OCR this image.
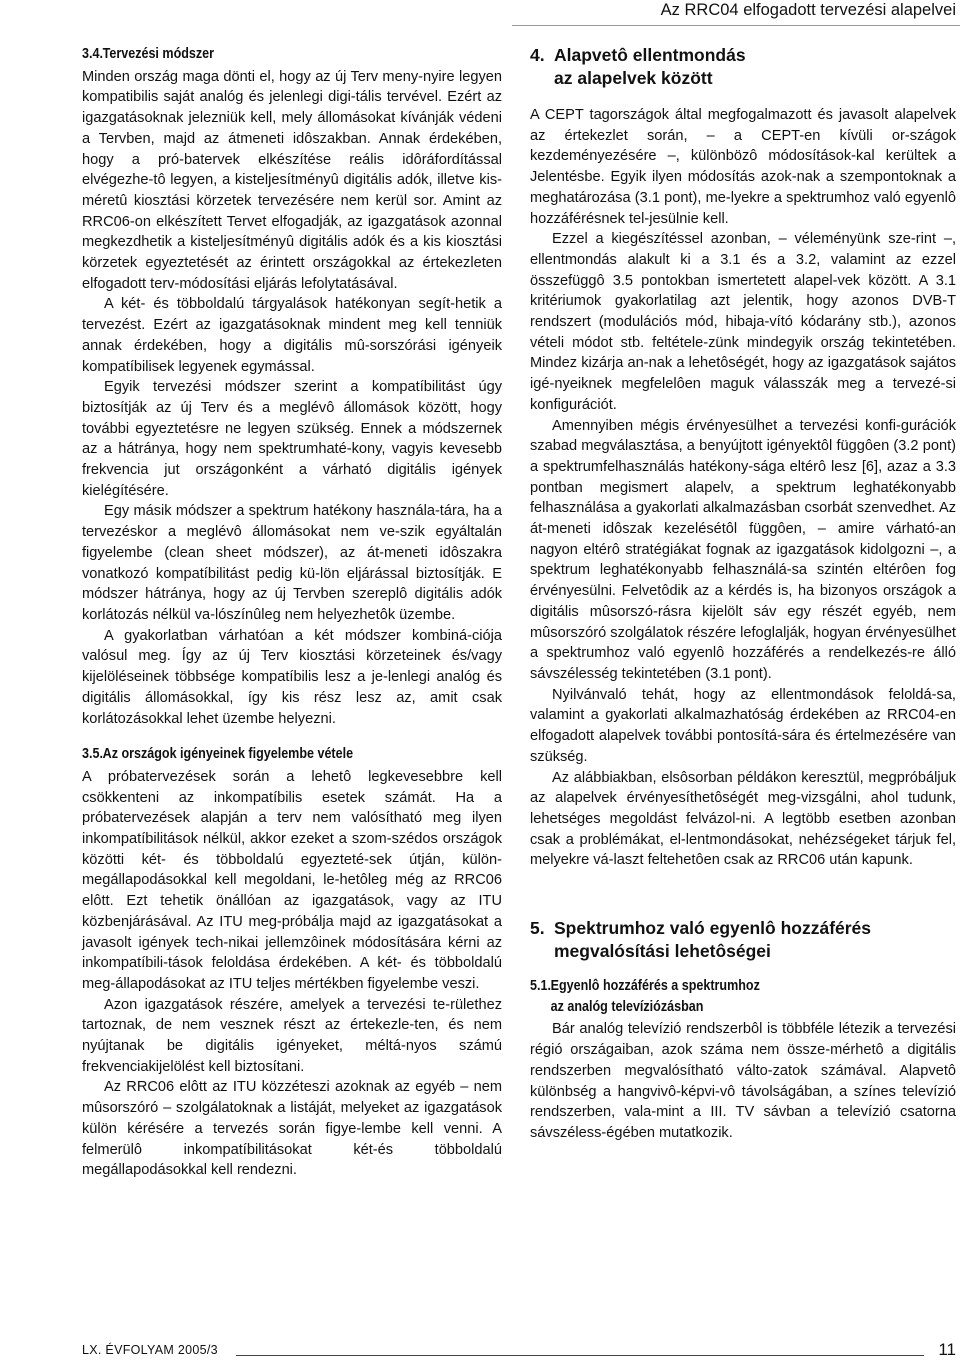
Az RRC04 elfogadott tervezési alapelvei
3.4.Tervezési módszer

Minden ország maga dönti el, hogy az új Terv meny-nyire legyen kompatibilis saját analóg és jelenlegi digi-tális tervével. Ezért az igazgatásoknak jelezniük kell, mely állomásokat kívánják védeni a Tervben, majd az átmeneti idôszakban. Annak érdekében, hogy a pró-batervek elkészítése reális idôráfordítással elvégezhe-tô legyen, a kisteljesítményû digitális adók, illetve kis-méretû kiosztási körzetek tervezésére nem kerül sor. Amint az RRC06-on elkészített Tervet elfogadják, az igazgatások azonnal megkezdhetik a kisteljesítményû digitális adók és a kis kiosztási körzetek egyeztetését az érintett országokkal az értekezleten elfogadott terv-módosítási eljárás lefolytatásával.

A két- és többoldalú tárgyalások hatékonyan segít-hetik a tervezést. Ezért az igazgatásoknak mindent meg kell tenniük annak érdekében, hogy a digitális mû-sorszórási igényeik kompatíbilisek legyenek egymással.

Egyik tervezési módszer szerint a kompatíbilitást úgy biztosítják az új Terv és a meglévô állomások között, hogy további egyeztetésre ne legyen szükség. Ennek a módszernek az a hátránya, hogy nem spektrumhaté-kony, vagyis kevesebb frekvencia jut országonként a várható digitális igények kielégítésére.

Egy másik módszer a spektrum hatékony használa-tára, ha a tervezéskor a meglévô állomásokat nem ve-szik egyáltalán figyelembe (clean sheet módszer), az át-meneti idôszakra vonatkozó kompatíbilitást pedig kü-lön eljárással biztosítják. E módszer hátránya, hogy az új Tervben szereplô digitális adók korlátozás nélkül va-lószínûleg nem helyezhetôk üzembe.

A gyakorlatban várhatóan a két módszer kombiná-ciója valósul meg. Így az új Terv kiosztási körzeteinek és/vagy kijelöléseinek többsége kompatíbilis lesz a je-lenlegi analóg és digitális állomásokkal, így kis rész lesz az, amit csak korlátozásokkal lehet üzembe helyezni.

3.5.Az országok igényeinek figyelembe vétele

A próbatervezések során a lehetô legkevesebbre kell csökkenteni az inkompatíbilis esetek számát. Ha a próbatervezések alapján a terv nem valósítható meg ilyen inkompatíbilitások nélkül, akkor ezeket a szom-szédos országok közötti két- és többoldalú egyezteté-sek útján, külön-megállapodásokkal kell megoldani, le-hetôleg még az RRC06 elôtt. Ezt tehetik önállóan az igazgatások, vagy az ITU közbenjárásával. Az ITU meg-próbálja majd az igazgatásokat a javasolt igények tech-nikai jellemzôinek módosítására kérni az inkompatíbili-tások feloldása érdekében. A két- és többoldalú meg-állapodásokat az ITU teljes mértékben figyelembe veszi.

Azon igazgatások részére, amelyek a tervezési te-rülethez tartoznak, de nem vesznek részt az értekezle-ten, és nem nyújtanak be digitális igényeket, méltá-nyos számú frekvenciakijelölést kell biztosítani.

Az RRC06 elôtt az ITU közzéteszi azoknak az egyéb – nem mûsorszóró – szolgálatoknak a listáját, melyeket az igazgatások külön kérésére a tervezés során figye-lembe kell venni. A felmerülô inkompatíbilitásokat két-és többoldalú megállapodásokkal kell rendezni.

4. Alapvetô ellentmondás
az alapelvek között

A CEPT tagországok által megfogalmazott és javasolt alapelvek az értekezlet során, – a CEPT-en kívüli or-szágok kezdeményezésére –, különbözô módosítások-kal kerültek a Jelentésbe. Egyik ilyen módosítás azok-nak a szempontoknak a meghatározása (3.1 pont), me-lyekre a spektrumhoz való egyenlô hozzáférésnek tel-jesülnie kell.

Ezzel a kiegészítéssel azonban, – véleményünk sze-rint –, ellentmondás alakult ki a 3.1 és a 3.2, valamint az ezzel összefüggô 3.5 pontokban ismertetett alapel-vek között. A 3.1 kritériumok gyakorlatilag azt jelentik, hogy azonos DVB-T rendszert (modulációs mód, hibaja-vító kódarány stb.), azonos vételi módot stb. feltétele-zünk mindegyik ország tekintetében. Mindez kizárja an-nak a lehetôségét, hogy az igazgatások sajátos igé-nyeiknek megfelelôen maguk válasszák meg a tervezé-si konfigurációt.

Amennyiben mégis érvényesülhet a tervezési konfi-gurációk szabad megválasztása, a benyújtott igényektôl függôen (3.2 pont) a spektrumfelhasználás hatékony-sága eltérô lesz [6], azaz a 3.3 pontban megismert alapelv, a spektrum leghatékonyabb felhasználása a gyakorlati alkalmazásban csorbát szenvedhet. Az át-meneti idôszak kezelésétôl függôen, – amire várható-an nagyon eltérô stratégiákat fognak az igazgatások kidolgozni –, a spektrum leghatékonyabb felhasználá-sa szintén eltérôen fog érvényesülni. Felvetôdik az a kérdés is, ha bizonyos országok a digitális mûsorszó-rásra kijelölt sáv egy részét egyéb, nem mûsorszóró szolgálatok részére lefoglalják, hogyan érvényesülhet a spektrumhoz való egyenlô hozzáférés a rendelkezés-re álló sávszélesség tekintetében (3.1 pont).

Nyilvánvaló tehát, hogy az ellentmondások feloldá-sa, valamint a gyakorlati alkalmazhatóság érdekében az RRC04-en elfogadott alapelvek további pontosítá-sára és értelmezésére van szükség.

Az alábbiakban, elsôsorban példákon keresztül, megpróbáljuk az alapelvek érvényesíthetôségét meg-vizsgálni, ahol tudunk, lehetséges megoldást felvázol-ni. A legtöbb esetben azonban csak a problémákat, el-lentmondásokat, nehézségeket tárjuk fel, melyekre vá-laszt feltehetôen csak az RRC06 után kapunk.

5. Spektrumhoz való egyenlô hozzáférés
megvalósítási lehetôségei
5.1.Egyenlô hozzáférés a spektrumhoz
az analóg televíziózásban

Bár analóg televízió rendszerbôl is többféle létezik a tervezési régió országaiban, azok száma nem össze-mérhetô a digitális rendszerben megvalósítható válto-zatok számával. Alapvetô különbség a hangvivô-képvi-vô távolságában, a színes televízió rendszerben, vala-mint a III. TV sávban a televízió csatorna sávszéless-égében mutatkozik.

LX. ÉVFOLYAM 2005/3	11
